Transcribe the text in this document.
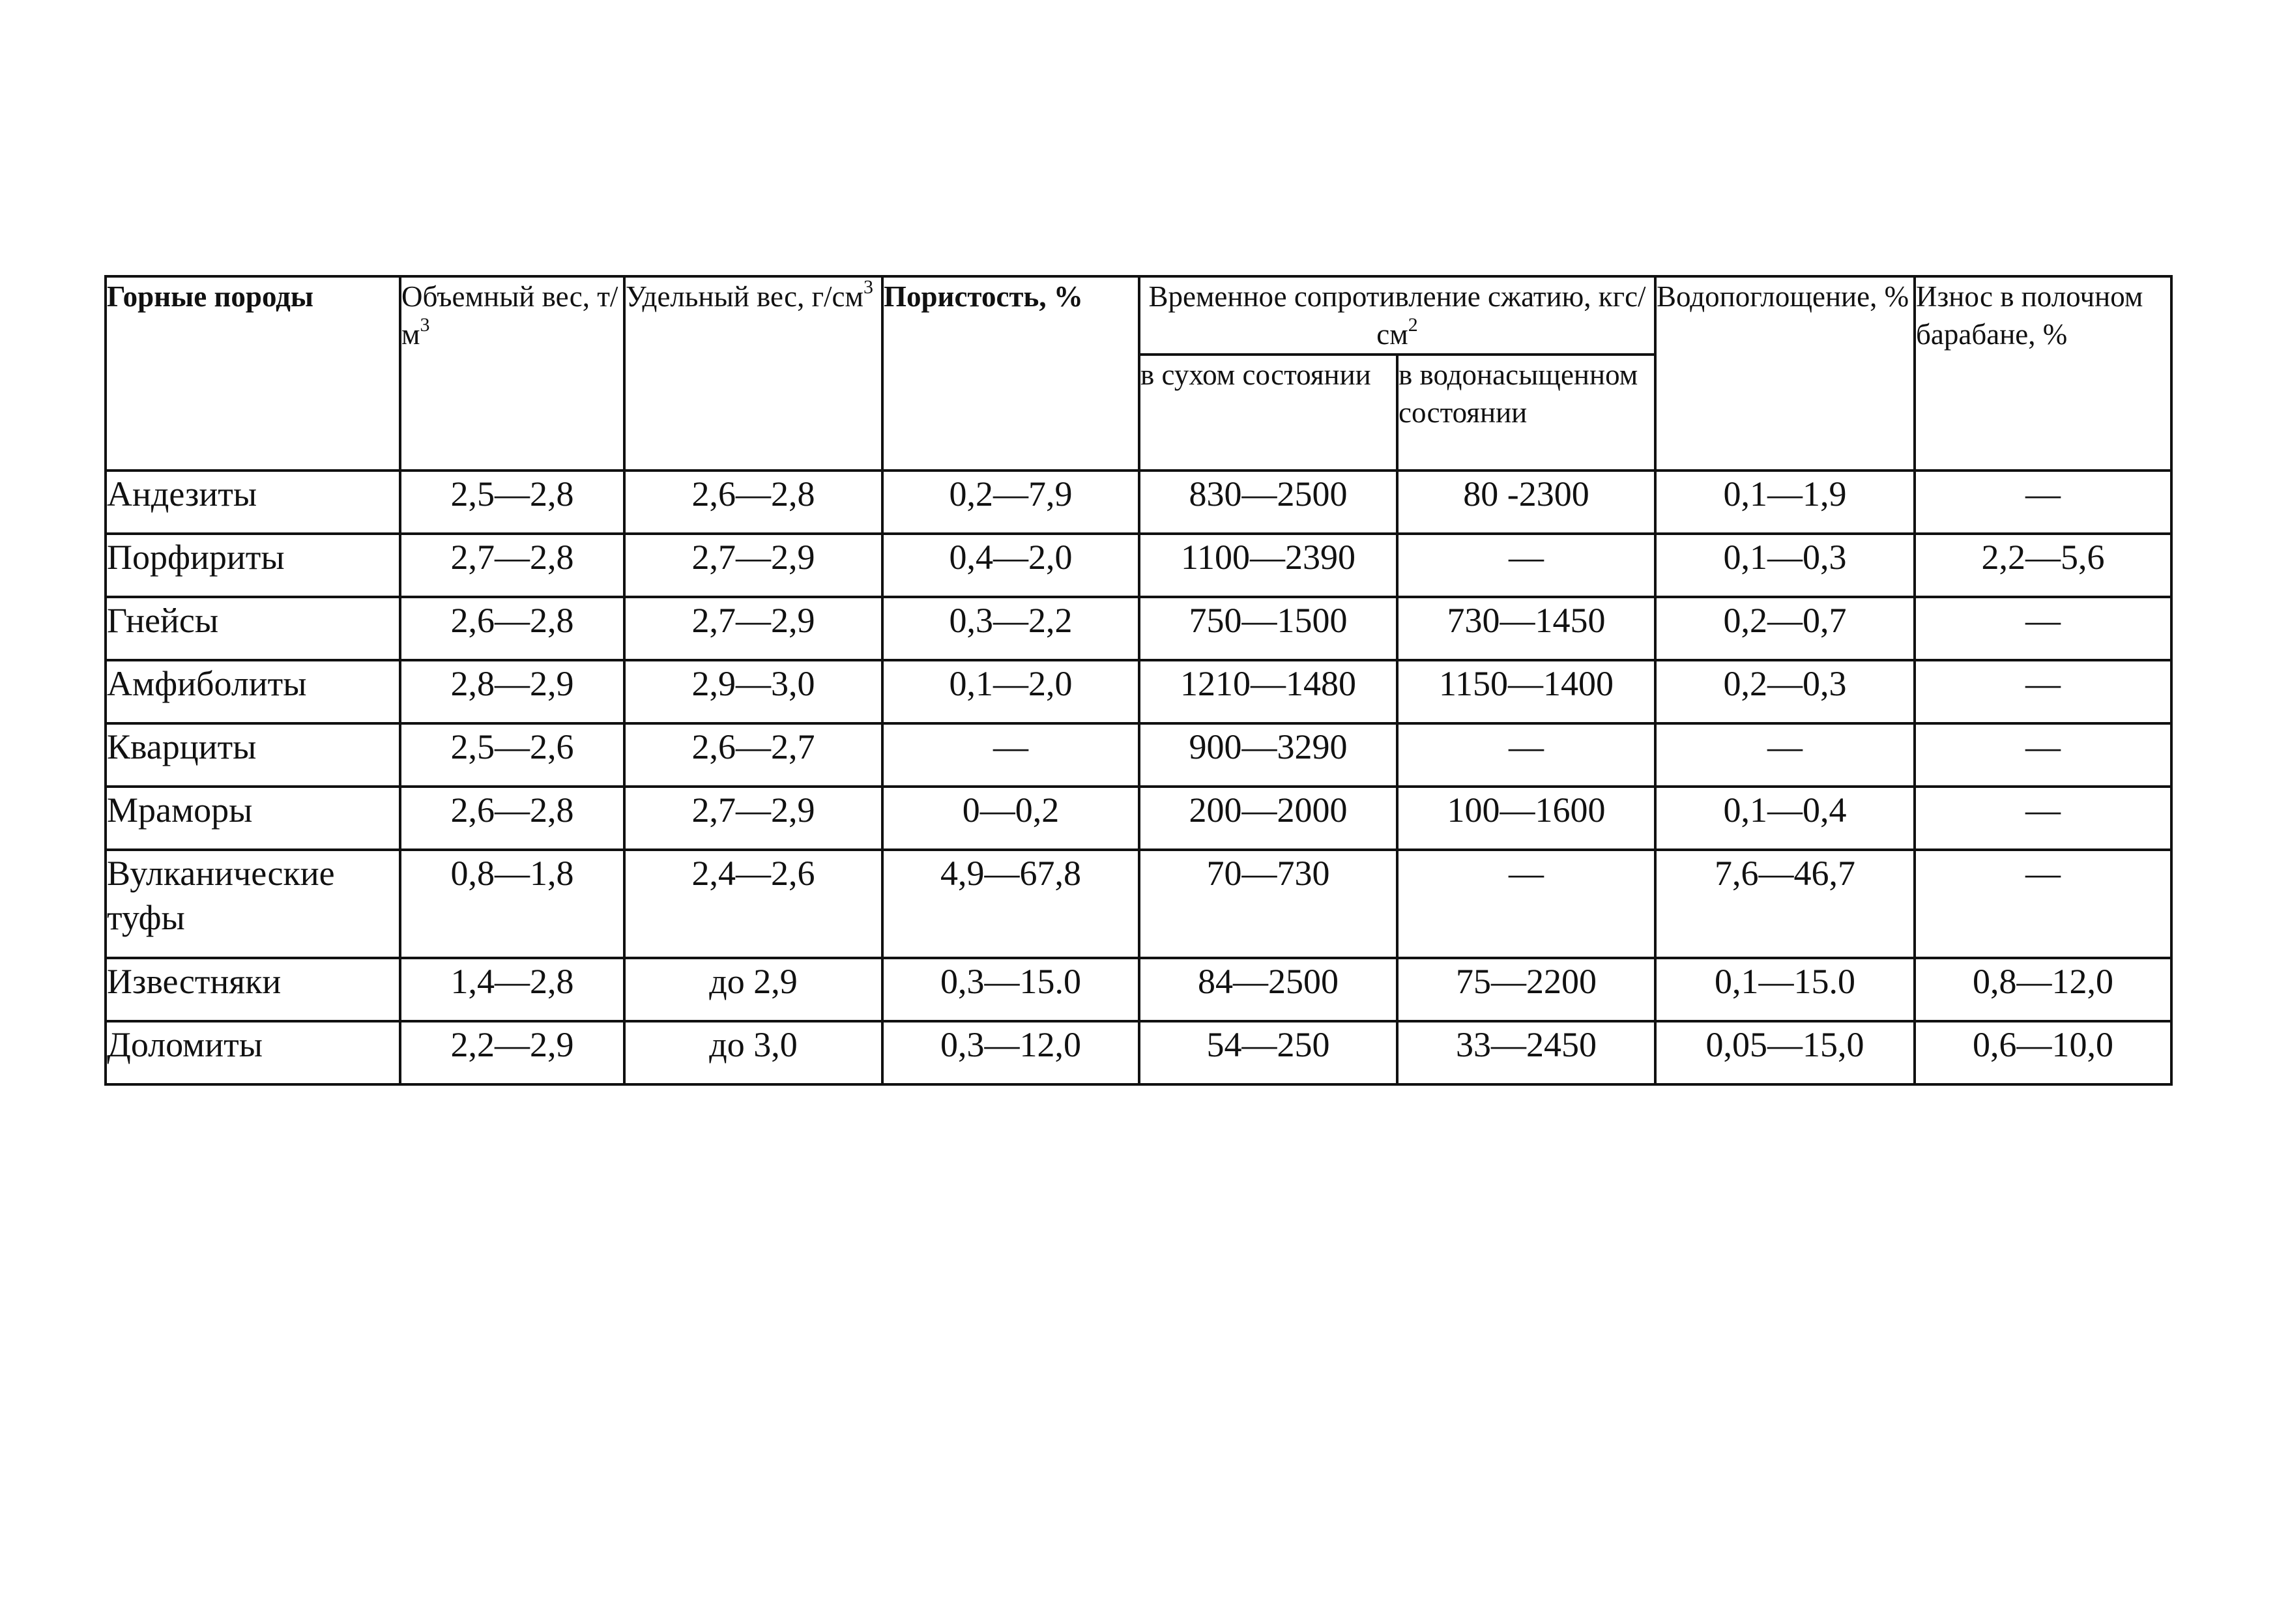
Горные породы	Объемный вес, $т/м^3$	Удельный вес, $г/см^3$	Пористость, %	Временное сопротивление сжатию, кгс/$см^2$		Водопоглощение, %	Износ в полочном барабане, %
				в сухом состоянии	в водонасыщенном состоянии		
Андезиты	2,5—2,8	2,6—2,8	0,2—7,9	830—2500	80 -2300	0,1—1,9	—
Порфириты	2,7—2,8	2,7—2,9	0,4—2,0	1100—2390	—	0,1—0,3	2,2—5,6
Гнейсы	2,6—2,8	2,7—2,9	0,3—2,2	750—1500	730—1450	0,2—0,7	—
Амфиболиты	2,8—2,9	2,9—3,0	0,1—2,0	1210—1480	1150—1400	0,2—0,3	—
Кварциты	2,5—2,6	2,6—2,7	—	900—3290	—	—	—
Мраморы	2,6—2,8	2,7—2,9	0—0,2	200—2000	100—1600	0,1—0,4	—
Вулканические туфы	0,8—1,8	2,4—2,6	4,9—67,8	70—730	—	7,6—46,7	—
Известняки	1,4—2,8	до 2,9	0,3—15.0	84—2500	75—2200	0,1—15.0	0,8—12,0
Доломиты	2,2—2,9	до 3,0	0,3—12,0	54—250	33—2450	0,05—15,0	0,6—10,0
